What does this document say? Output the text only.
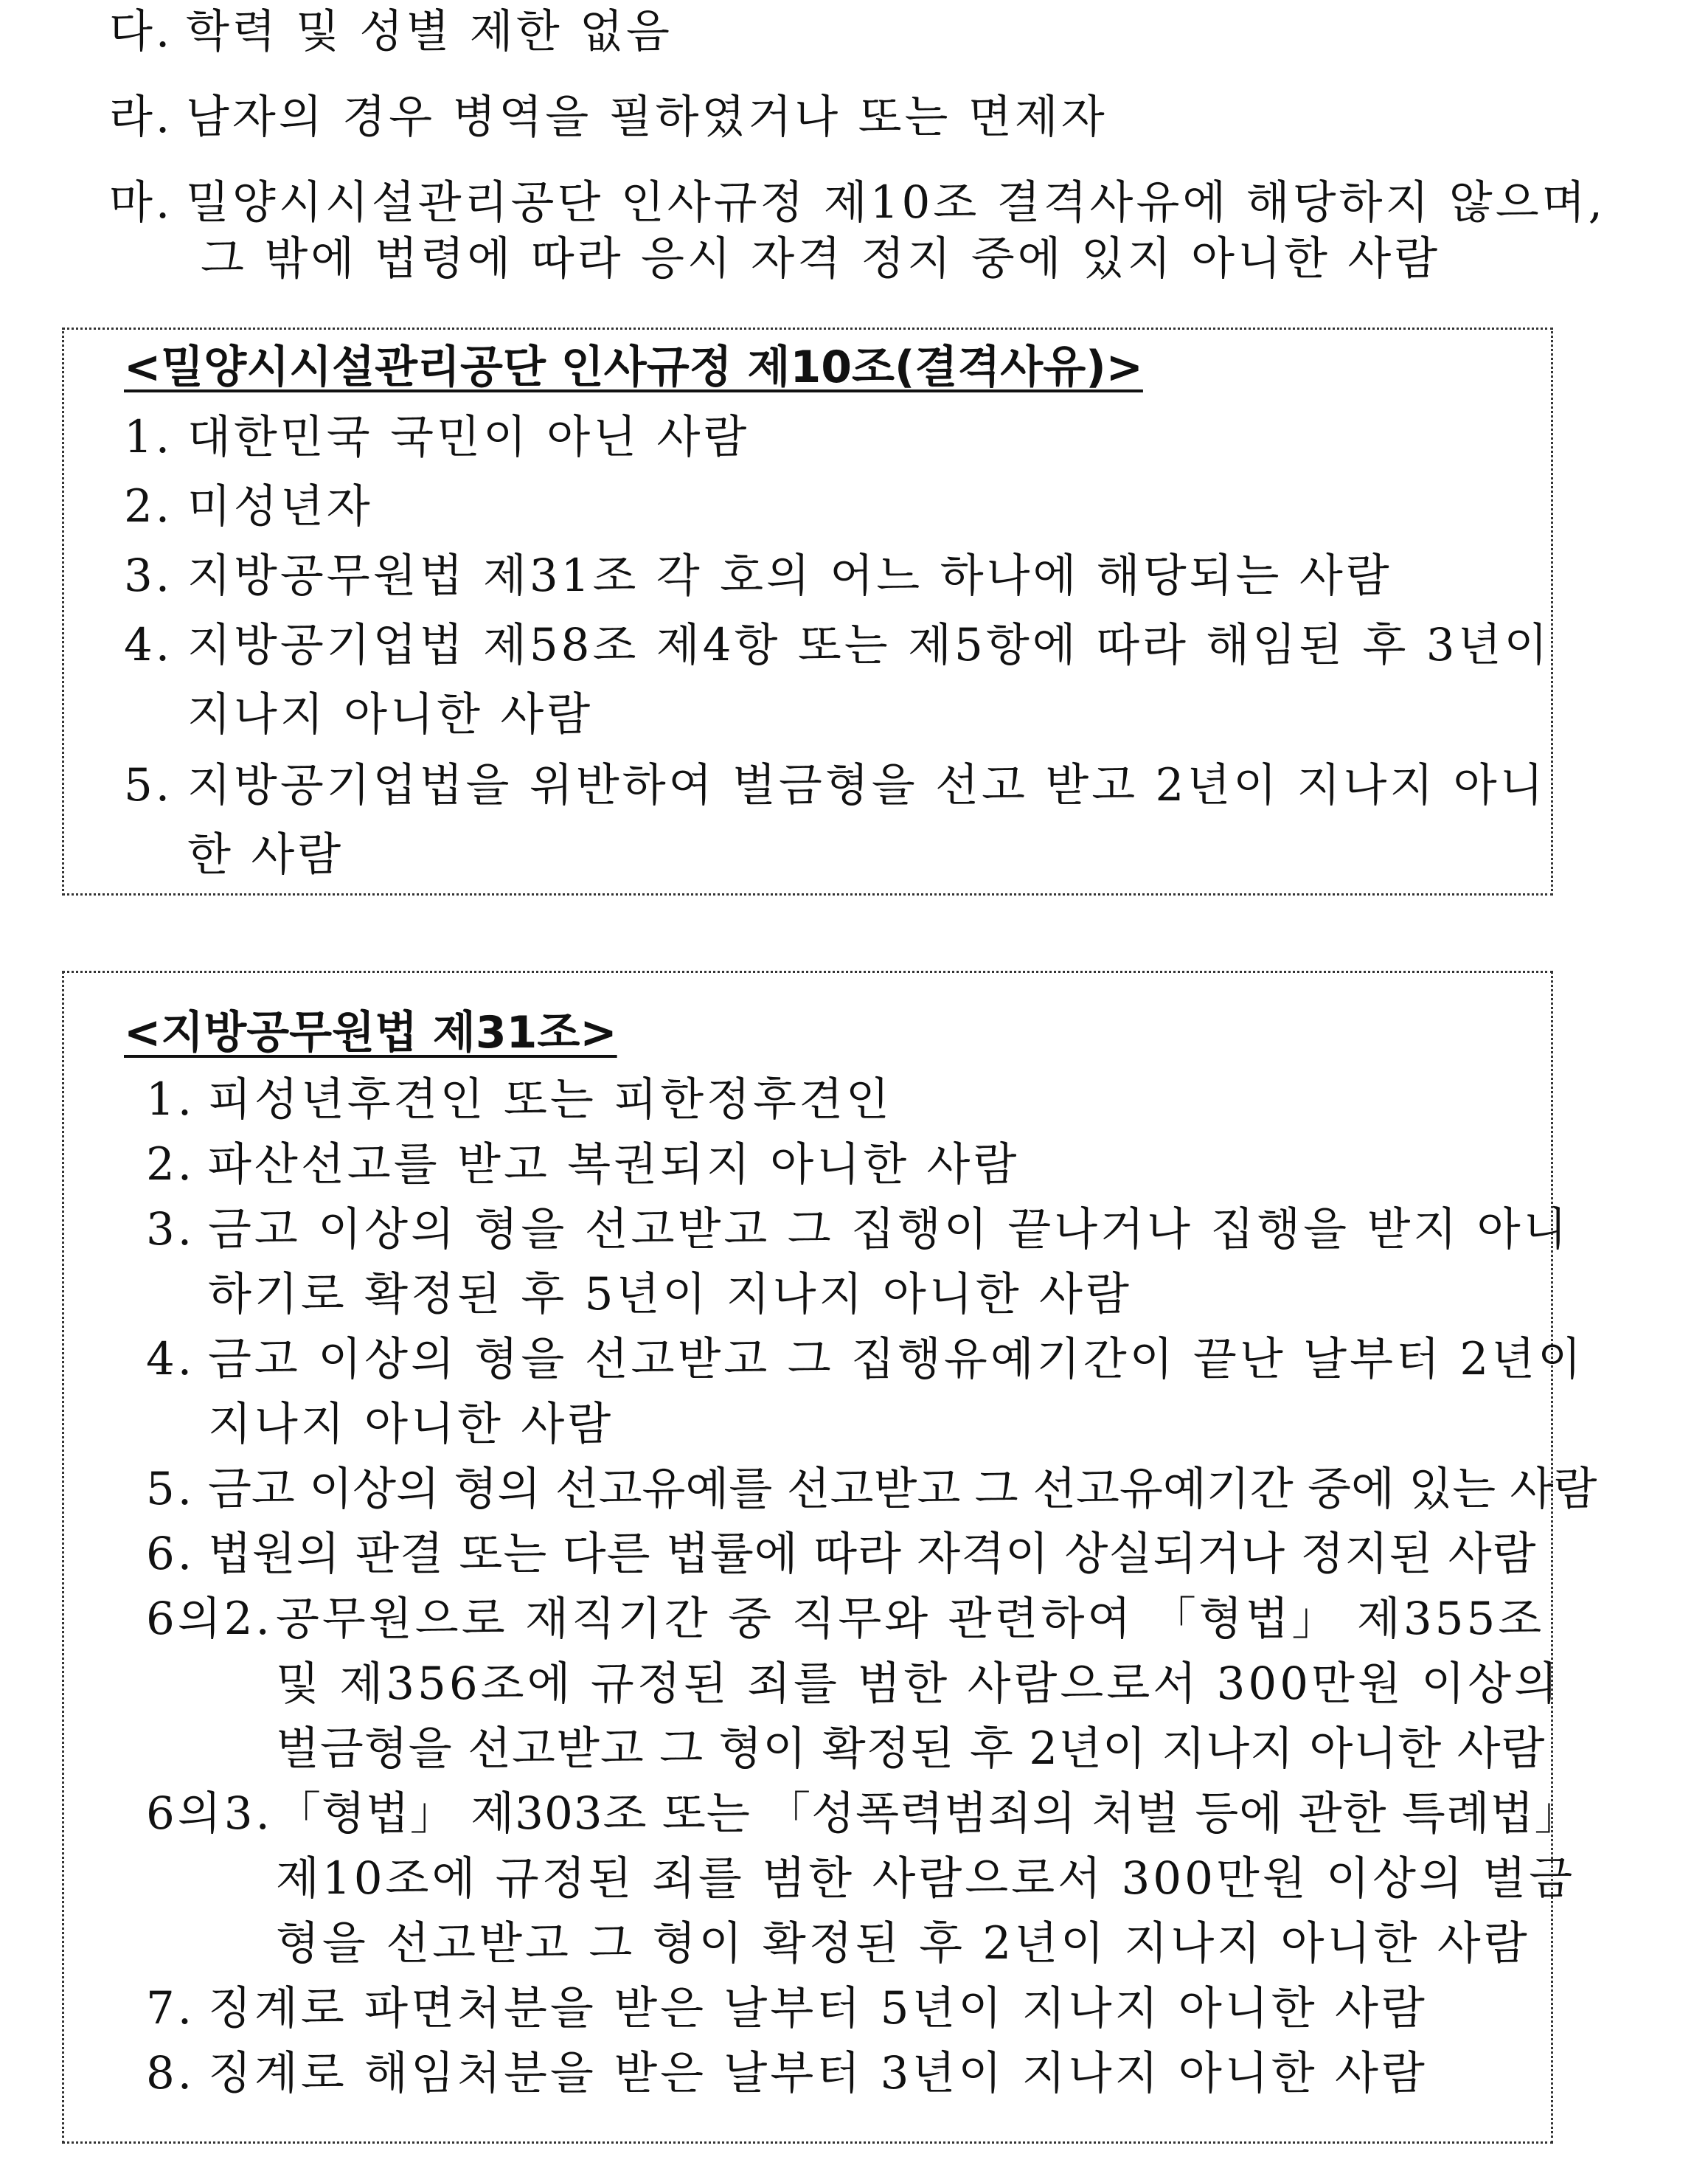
다. 학력 및 성별 제한 없음
라. 남자의 경우 병역을 필하였거나 또는 면제자
마. 밀양시시설관리공단 인사규정 제10조 결격사유에 해당하지 않으며,
그 밖에 법령에 따라 응시 자격 정지 중에 있지 아니한 사람
<밀양시시설관리공단 인사규정 제10조(결격사유)>
1. 대한민국 국민이 아닌 사람
2. 미성년자
3. 지방공무원법 제31조 각 호의 어느 하나에 해당되는 사람
4. 지방공기업법 제58조 제4항 또는 제5항에 따라 해임된 후 3년이
지나지 아니한 사람
5. 지방공기업법을 위반하여 벌금형을 선고 받고 2년이 지나지 아니
한 사람
<지방공무원법 제31조>
1. 피성년후견인 또는 피한정후견인
2. 파산선고를 받고 복권되지 아니한 사람
3. 금고 이상의 형을 선고받고 그 집행이 끝나거나 집행을 받지 아니
하기로 확정된 후 5년이 지나지 아니한 사람
4. 금고 이상의 형을 선고받고 그 집행유예기간이 끝난 날부터 2년이
지나지 아니한 사람
5. 금고 이상의 형의 선고유예를 선고받고 그 선고유예기간 중에 있는 사람
6. 법원의 판결 또는 다른 법률에 따라 자격이 상실되거나 정지된 사람
6의2. 공무원으로 재직기간 중 직무와 관련하여 「형법」 제355조
및 제356조에 규정된 죄를 범한 사람으로서 300만원 이상의
벌금형을 선고받고 그 형이 확정된 후 2년이 지나지 아니한 사람
6의3. 「형법」 제303조 또는 「성폭력범죄의 처벌 등에 관한 특례법」
제10조에 규정된 죄를 범한 사람으로서 300만원 이상의 벌금
형을 선고받고 그 형이 확정된 후 2년이 지나지 아니한 사람
7. 징계로 파면처분을 받은 날부터 5년이 지나지 아니한 사람
8. 징계로 해임처분을 받은 날부터 3년이 지나지 아니한 사람
